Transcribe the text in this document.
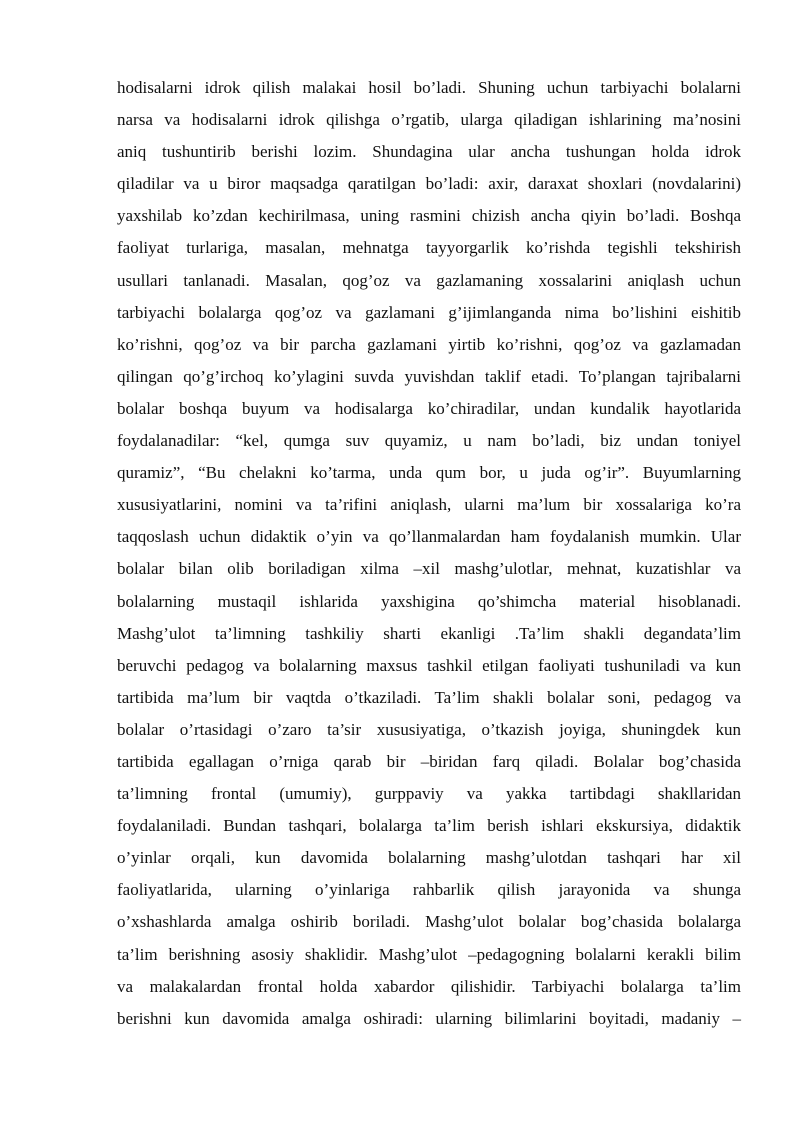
hodisalarni idrok qilish malakai hosil bo’ladi. Shuning uchun tarbiyachi bolalarni
narsa va hodisalarni idrok qilishga o’rgatib, ularga qiladigan ishlarining ma’nosini
aniq tushuntirib berishi lozim. Shundagina ular ancha tushungan holda idrok
qiladilar va u biror maqsadga qaratilgan bo’ladi: axir, daraxat shoxlari (novdalarini)
yaxshilab ko’zdan kechirilmasa, uning rasmini chizish ancha qiyin bo’ladi. Boshqa
faoliyat turlariga, masalan, mehnatga tayyorgarlik ko’rishda tegishli tekshirish
usullari tanlanadi. Masalan, qog’oz va gazlamaning xossalarini aniqlash uchun
tarbiyachi bolalarga qog’oz va gazlamani g’ijimlanganda nima bo’lishini eishitib
ko’rishni, qog’oz va bir parcha gazlamani yirtib ko’rishni, qog’oz va gazlamadan
qilingan qo’g’irchoq ko’ylagini suvda yuvishdan taklif etadi. To’plangan tajribalarni
bolalar boshqa buyum va hodisalarga ko’chiradilar, undan kundalik hayotlarida
foydalanadilar: “kel, qumga suv quyamiz, u nam bo’ladi, biz undan toniyel
quramiz”, “Bu chelakni ko’tarma, unda qum bor, u juda og’ir”. Buyumlarning
xususiyatlarini, nomini va ta’rifini aniqlash, ularni ma’lum bir xossalariga ko’ra
taqqoslash uchun didaktik o’yin va qo’llanmalardan ham foydalanish mumkin. Ular
bolalar bilan olib boriladigan xilma –xil mashg’ulotlar, mehnat, kuzatishlar va
bolalarning mustaqil ishlarida yaxshigina qo’shimcha material hisoblanadi.
Mashg’ulot ta’limning tashkiliy sharti ekanligi .Ta’lim shakli degandata’lim
beruvchi pedagog va bolalarning maxsus tashkil etilgan faoliyati tushuniladi va kun
tartibida ma’lum bir vaqtda o’tkaziladi. Ta’lim shakli bolalar soni, pedagog va
bolalar o’rtasidagi o’zaro ta’sir xususiyatiga, o’tkazish joyiga, shuningdek kun
tartibida egallagan o’rniga qarab bir –biridan farq qiladi. Bolalar bog’chasida
ta’limning frontal (umumiy), gurppaviy va yakka tartibdagi shakllaridan
foydalaniladi. Bundan tashqari, bolalarga ta’lim berish ishlari ekskursiya, didaktik
o’yinlar orqali, kun davomida bolalarning mashg’ulotdan tashqari har xil
faoliyatlarida, ularning o’yinlariga rahbarlik qilish jarayonida va shunga
o’xshashlarda amalga oshirib boriladi. Mashg’ulot bolalar bog’chasida bolalarga
ta’lim berishning asosiy shaklidir. Mashg’ulot –pedagogning bolalarni kerakli bilim
va malakalardan frontal holda xabardor qilishidir. Tarbiyachi bolalarga ta’lim
berishni kun davomida amalga oshiradi: ularning bilimlarini boyitadi, madaniy –
